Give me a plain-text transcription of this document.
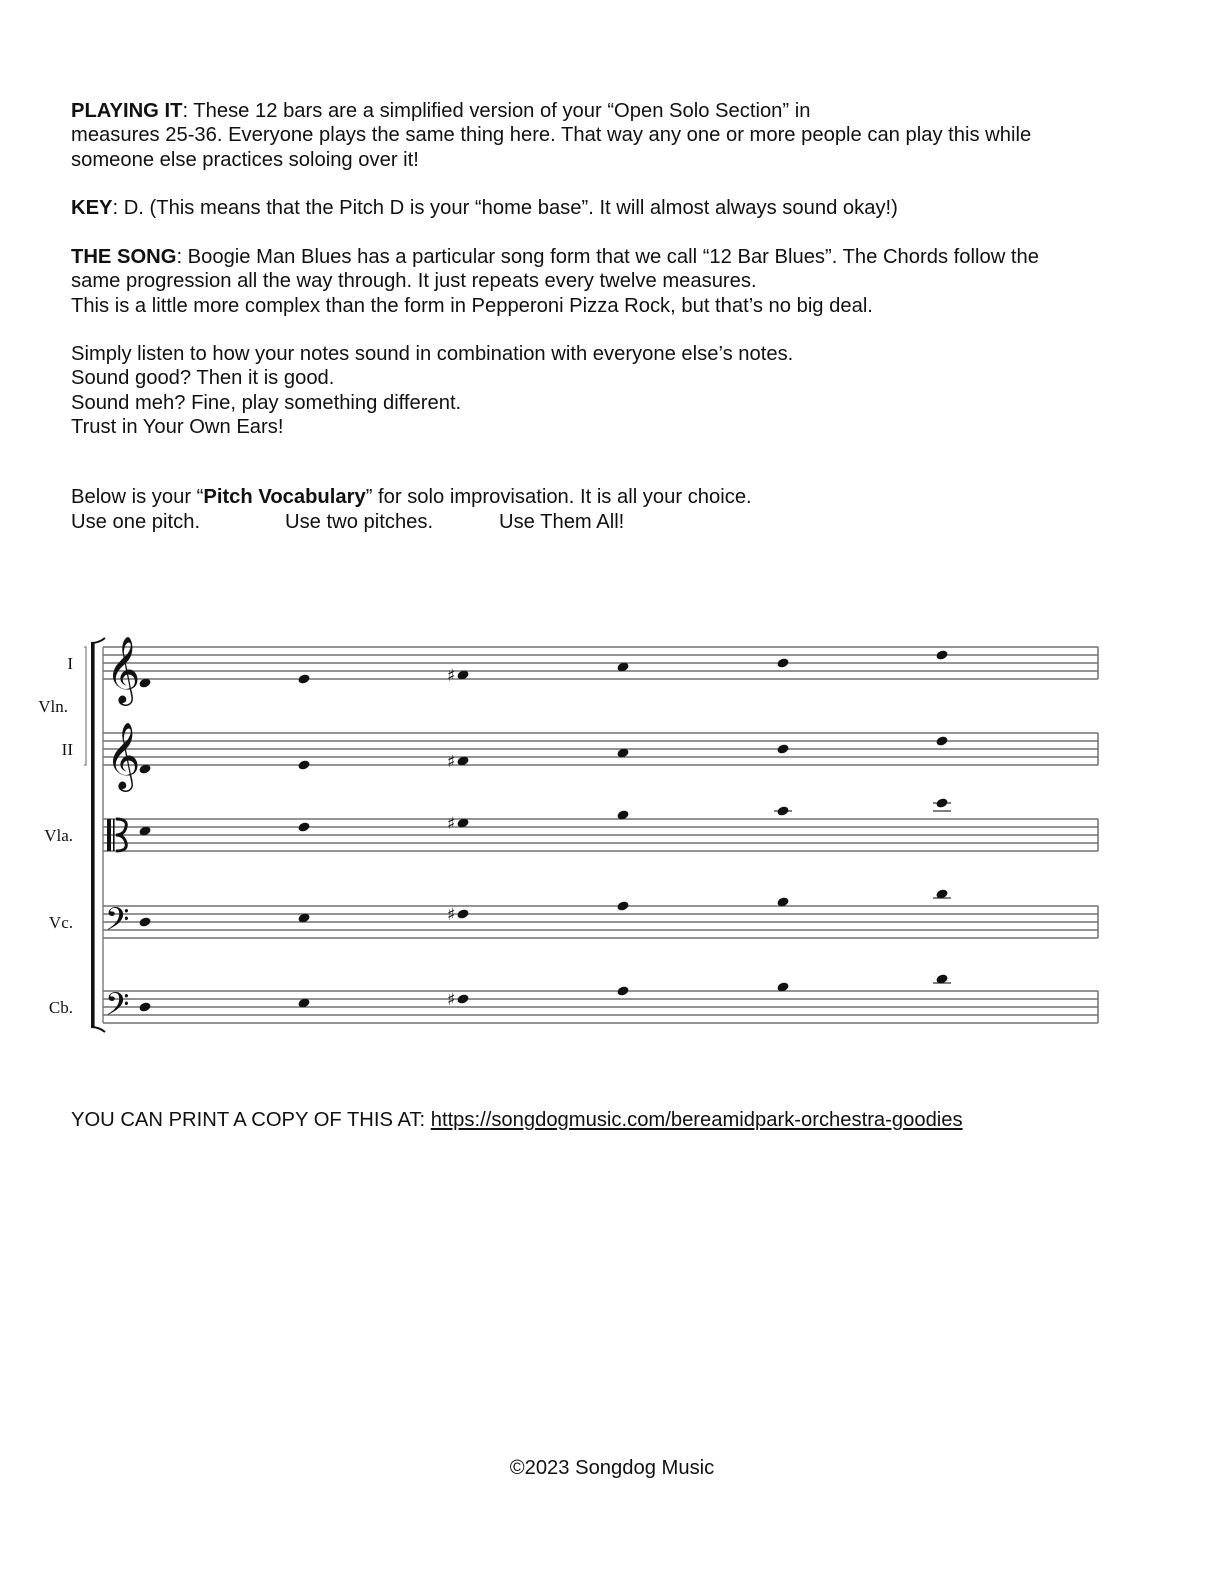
PLAYING IT: These 12 bars are a simplified version of your “Open Solo Section” in
measures 25-36. Everyone plays the same thing here. That way any one or more people can play this while
someone else practices soloing over it!
KEY: D. (This means that the Pitch D is your “home base”. It will almost always sound okay!)
THE SONG: Boogie Man Blues has a particular song form that we call “12 Bar Blues”. The Chords follow the
same progression all the way through. It just repeats every twelve measures.
This is a little more complex than the form in Pepperoni Pizza Rock, but that’s no big deal.
Simply listen to how your notes sound in combination with everyone else’s notes.
Sound good? Then it is good.
Sound meh? Fine, play something different.
Trust in Your Own Ears!
Below is your “Pitch Vocabulary” for solo improvisation. It is all your choice.
Use one pitch.	Use two pitches.	Use Them All!
𝄞
I
♯
𝄞
II
♯
Vla.
♯
𝄢
Vc.	♯
𝄢
Cb.	♯
Vln.
YOU CAN PRINT A COPY OF THIS AT: https://songdogmusic.com/bereamidpark-orchestra-goodies
©2023 Songdog Music
